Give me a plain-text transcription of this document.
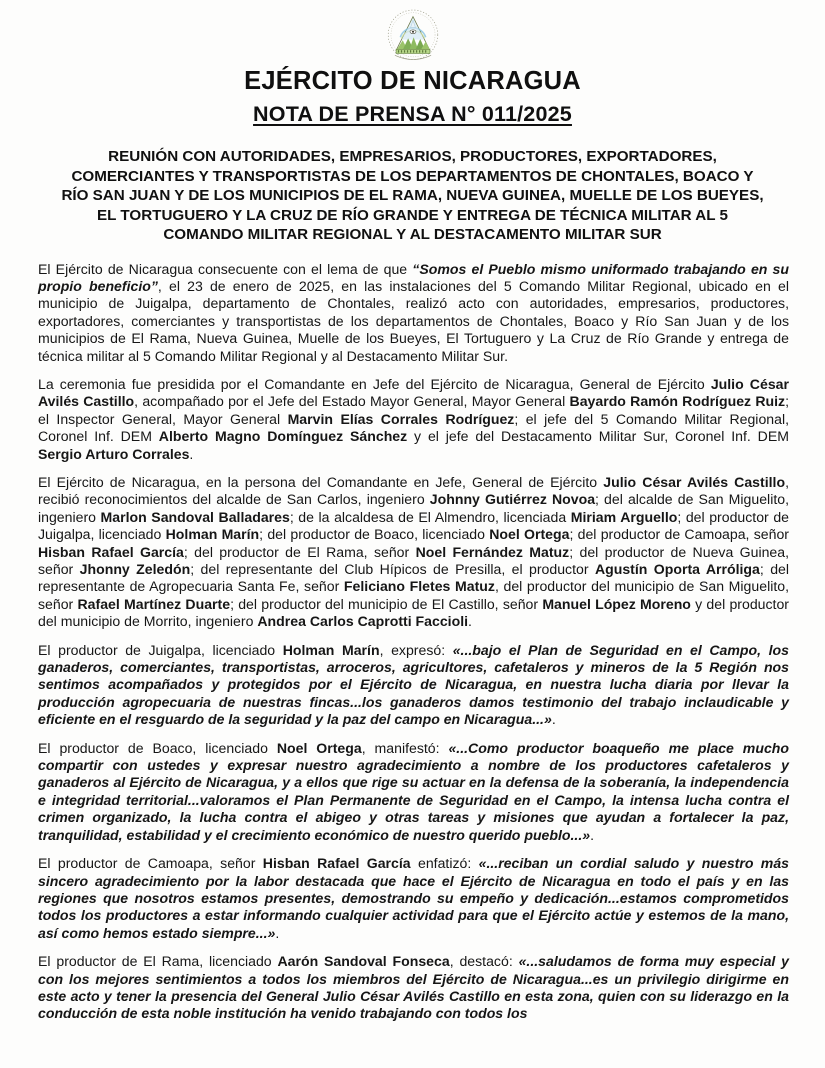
EJÉRCITO DE NICARAGUA
NOTA DE PRENSA N° 011/2025
REUNIÓN CON AUTORIDADES, EMPRESARIOS, PRODUCTORES, EXPORTADORES,
COMERCIANTES Y TRANSPORTISTAS DE LOS DEPARTAMENTOS DE CHONTALES, BOACO Y
RÍO SAN JUAN Y DE LOS MUNICIPIOS DE EL RAMA, NUEVA GUINEA, MUELLE DE LOS BUEYES,
EL TORTUGUERO Y LA CRUZ DE RÍO GRANDE Y ENTREGA DE TÉCNICA MILITAR AL 5
COMANDO MILITAR REGIONAL Y AL DESTACAMENTO MILITAR SUR

El Ejército de Nicaragua consecuente con el lema de que “Somos el Pueblo mismo uniformado trabajando en su propio beneficio”, el 23 de enero de 2025, en las instalaciones del 5 Comando Militar Regional, ubicado en el municipio de Juigalpa, departamento de Chontales, realizó acto con autoridades, empresarios, productores, exportadores, comerciantes y transportistas de los departamentos de Chontales, Boaco y Río San Juan y de los municipios de El Rama, Nueva Guinea, Muelle de los Bueyes, El Tortuguero y La Cruz de Río Grande y entrega de técnica militar al 5 Comando Militar Regional y al Destacamento Militar Sur.

La ceremonia fue presidida por el Comandante en Jefe del Ejército de Nicaragua, General de Ejército Julio César Avilés Castillo, acompañado por el Jefe del Estado Mayor General, Mayor General Bayardo Ramón Rodríguez Ruiz; el Inspector General, Mayor General Marvin Elías Corrales Rodríguez; el jefe del 5 Comando Militar Regional, Coronel Inf. DEM Alberto Magno Domínguez Sánchez y el jefe del Destacamento Militar Sur, Coronel Inf. DEM Sergio Arturo Corrales.

El Ejército de Nicaragua, en la persona del Comandante en Jefe, General de Ejército Julio César Avilés Castillo, recibió reconocimientos del alcalde de San Carlos, ingeniero Johnny Gutiérrez Novoa; del alcalde de San Miguelito, ingeniero Marlon Sandoval Balladares; de la alcaldesa de El Almendro, licenciada Miriam Arguello; del productor de Juigalpa, licenciado Holman Marín; del productor de Boaco, licenciado Noel Ortega; del productor de Camoapa, señor Hisban Rafael García; del productor de El Rama, señor Noel Fernández Matuz; del productor de Nueva Guinea, señor Jhonny Zeledón; del representante del Club Hípicos de Presilla, el productor Agustín Oporta Arróliga; del representante de Agropecuaria Santa Fe, señor Feliciano Fletes Matuz, del productor del municipio de San Miguelito, señor Rafael Martínez Duarte; del productor del municipio de El Castillo, señor Manuel López Moreno y del productor del municipio de Morrito, ingeniero Andrea Carlos Caprotti Faccioli.

El productor de Juigalpa, licenciado Holman Marín, expresó: «...bajo el Plan de Seguridad en el Campo, los ganaderos, comerciantes, transportistas, arroceros, agricultores, cafetaleros y mineros de la 5 Región nos sentimos acompañados y protegidos por el Ejército de Nicaragua, en nuestra lucha diaria por llevar la producción agropecuaria de nuestras fincas...los ganaderos damos testimonio del trabajo inclaudicable y eficiente en el resguardo de la seguridad y la paz del campo en Nicaragua...».

El productor de Boaco, licenciado Noel Ortega, manifestó: «...Como productor boaqueño me place mucho compartir con ustedes y expresar nuestro agradecimiento a nombre de los productores cafetaleros y ganaderos al Ejército de Nicaragua, y a ellos que rige su actuar en la defensa de la soberanía, la independencia e integridad territorial...valoramos el Plan Permanente de Seguridad en el Campo, la intensa lucha contra el crimen organizado, la lucha contra el abigeo y otras tareas y misiones que ayudan a fortalecer la paz, tranquilidad, estabilidad y el crecimiento económico de nuestro querido pueblo...».

El productor de Camoapa, señor Hisban Rafael García enfatizó: «...reciban un cordial saludo y nuestro más sincero agradecimiento por la labor destacada que hace el Ejército de Nicaragua en todo el país y en las regiones que nosotros estamos presentes, demostrando su empeño y dedicación...estamos comprometidos todos los productores a estar informando cualquier actividad para que el Ejército actúe y estemos de la mano, así como hemos estado siempre...».

El productor de El Rama, licenciado Aarón Sandoval Fonseca, destacó: «...saludamos de forma muy especial y con los mejores sentimientos a todos los miembros del Ejército de Nicaragua...es un privilegio dirigirme en este acto y tener la presencia del General Julio César Avilés Castillo en esta zona, quien con su liderazgo en la conducción de esta noble institución ha venido trabajando con todos los
